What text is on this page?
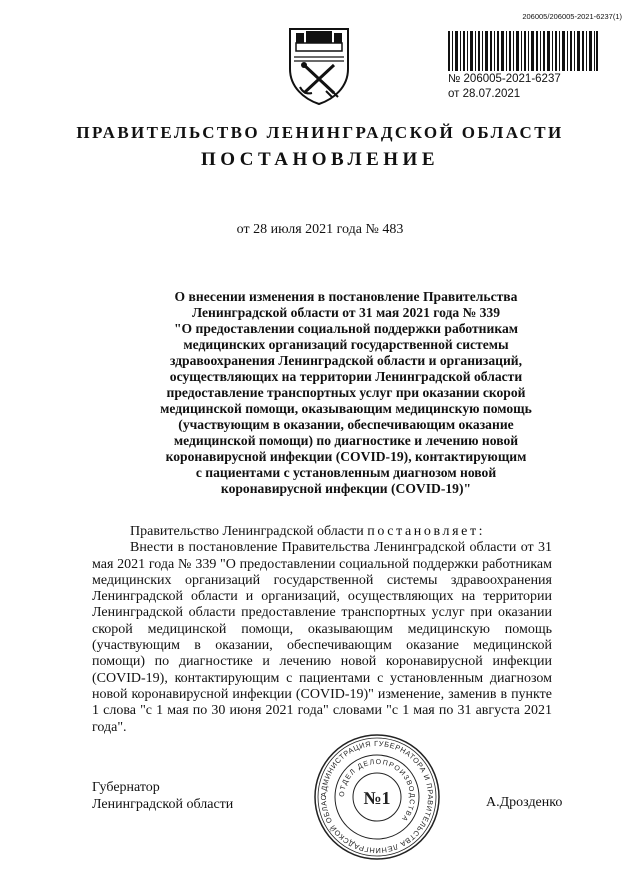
206005/206005-2021-6237(1)
№ 206005-2021-6237
от 28.07.2021
ПРАВИТЕЛЬСТВО ЛЕНИНГРАДСКОЙ ОБЛАСТИ
ПОСТАНОВЛЕНИЕ
от 28 июля 2021 года № 483
О внесении изменения в постановление Правительства
Ленинградской области от 31 мая 2021 года № 339
"О предоставлении социальной поддержки работникам
медицинских организаций государственной системы
здравоохранения Ленинградской области и организаций,
осуществляющих на территории Ленинградской области
предоставление транспортных услуг при оказании скорой
медицинской помощи, оказывающим медицинскую помощь
(участвующим в оказании, обеспечивающим оказание
медицинской помощи) по диагностике и лечению новой
коронавирусной инфекции (COVID-19), контактирующим
с пациентами с установленным диагнозом новой
коронавирусной инфекции (COVID-19)"

Правительство Ленинградской области постановляет:

Внести в постановление Правительства Ленинградской области от 31 мая 2021 года № 339 "О предоставлении социальной поддержки работникам медицинских организаций государственной системы здравоохранения Ленинградской области и организаций, осуществляющих на территории Ленинградской области предоставление транспортных услуг при оказании скорой медицинской помощи, оказывающим медицинскую помощь (участвующим в оказании, обеспечивающим оказание медицинской помощи) по диагностике и лечению новой коронавирусной инфекции (COVID-19), контактирующим с пациентами с установленным диагнозом новой коронавирусной инфекции (COVID-19)" изменение, заменив в пункте 1 слова "с 1 мая по 30 июня 2021 года" словами "с 1 мая по 31 августа 2021 года".

Губернатор
Ленинградской области
АДМИНИСТРАЦИЯ ГУБЕРНАТОРА И ПРАВИТЕЛЬСТВА ЛЕНИНГРАДСКОЙ ОБЛАС
ОТДЕЛ ДЕЛОПРОИЗВОДСТВА
№1	А.Дрозденко
